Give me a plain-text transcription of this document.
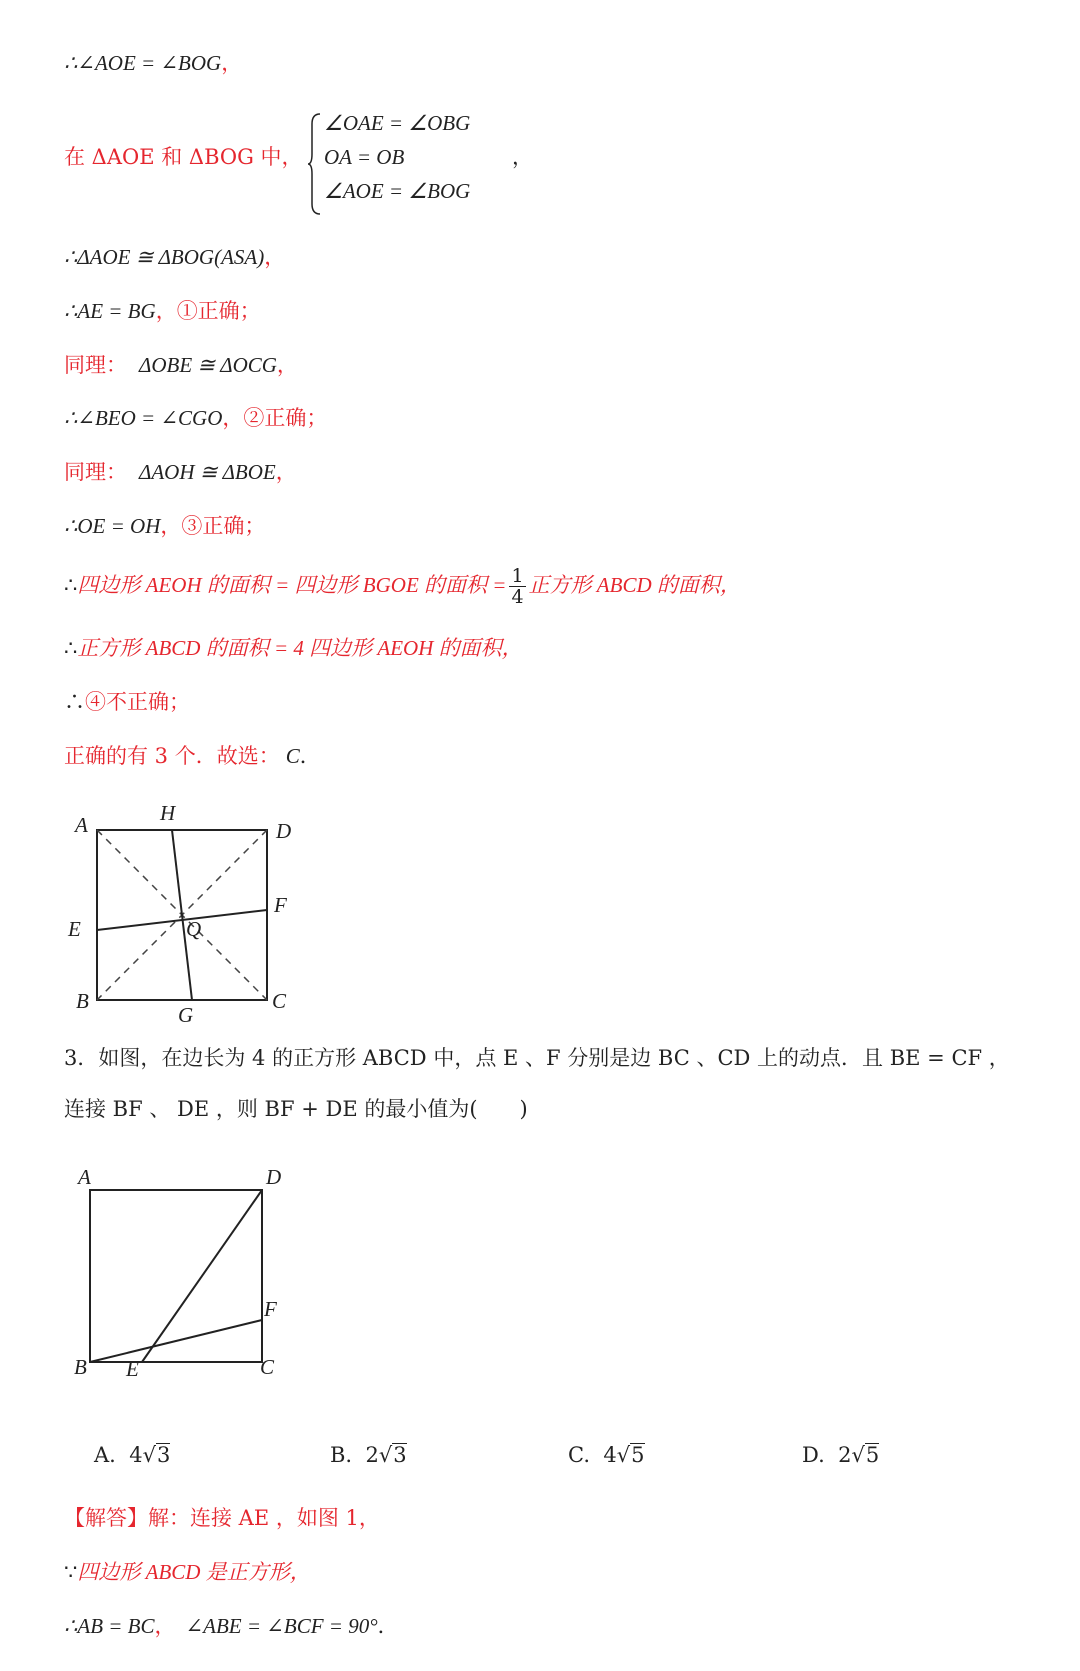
∴∠AOE = ∠BOG，
在 ΔAOE 和 ΔBOG 中，
∠OAE = ∠OBG
OA = OB
∠AOE = ∠BOG
，
∴ΔAOE ≅ ΔBOG(ASA)，
∴AE = BG，①正确；
同理： ΔOBE ≅ ΔOCG，
∴∠BEO = ∠CGO，②正确；
同理： ΔAOH ≅ ΔBOE，
∴OE = OH，③正确；
∴四边形 AEOH 的面积 = 四边形 BGOE 的面积 = $\frac{1}{4}$ 正方形 ABCD 的面积，
∴正方形 ABCD 的面积 = 4 四边形 AEOH 的面积，
∴④不正确；
正确的有 3 个．故选： C．
A	H
D
E
F
Q
B
G
C
3．如图，在边长为 4 的正方形 ABCD 中，点 E 、F 分别是边 BC 、CD 上的动点．且 BE = CF ，
连接 BF 、 DE ，则 BF + DE 的最小值为(　　)
A	D
F
B E	C
A. 4√3	B. 2√3	C. 4√5	D. 2√5
【解答】解：连接 AE ，如图 1，
∵四边形 ABCD 是正方形，
∴AB = BC， ∠ABE = ∠BCF = 90°．
